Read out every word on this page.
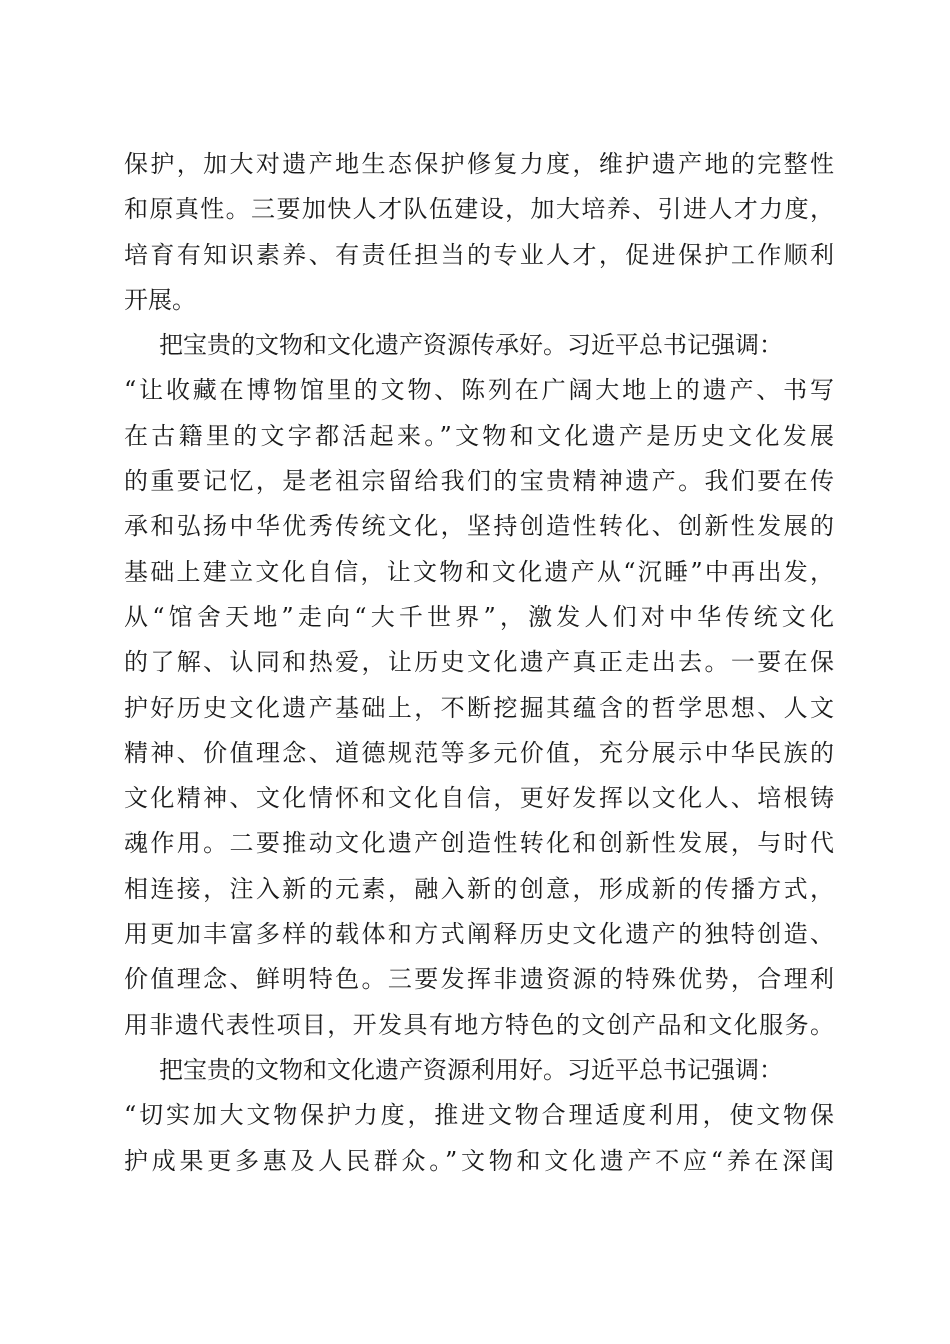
保护，加大对遗产地生态保护修复力度，维护遗产地的完整性
和原真性。三要加快人才队伍建设，加大培养、引进人才力度，
培育有知识素养、有责任担当的专业人才，促进保护工作顺利
开展。
把宝贵的文物和文化遗产资源传承好。习近平总书记强调：
“让收藏在博物馆里的文物、陈列在广阔大地上的遗产、书写
在古籍里的文字都活起来。”文物和文化遗产是历史文化发展
的重要记忆，是老祖宗留给我们的宝贵精神遗产。我们要在传
承和弘扬中华优秀传统文化，坚持创造性转化、创新性发展的
基础上建立文化自信，让文物和文化遗产从“沉睡”中再出发，
从“馆舍天地”走向“大千世界”，激发人们对中华传统文化
的了解、认同和热爱，让历史文化遗产真正走出去。一要在保
护好历史文化遗产基础上，不断挖掘其蕴含的哲学思想、人文
精神、价值理念、道德规范等多元价值，充分展示中华民族的
文化精神、文化情怀和文化自信，更好发挥以文化人、培根铸
魂作用。二要推动文化遗产创造性转化和创新性发展，与时代
相连接，注入新的元素，融入新的创意，形成新的传播方式，
用更加丰富多样的载体和方式阐释历史文化遗产的独特创造、
价值理念、鲜明特色。三要发挥非遗资源的特殊优势，合理利
用非遗代表性项目，开发具有地方特色的文创产品和文化服务。
把宝贵的文物和文化遗产资源利用好。习近平总书记强调：
“切实加大文物保护力度，推进文物合理适度利用，使文物保
护成果更多惠及人民群众。”文物和文化遗产不应“养在深闺
